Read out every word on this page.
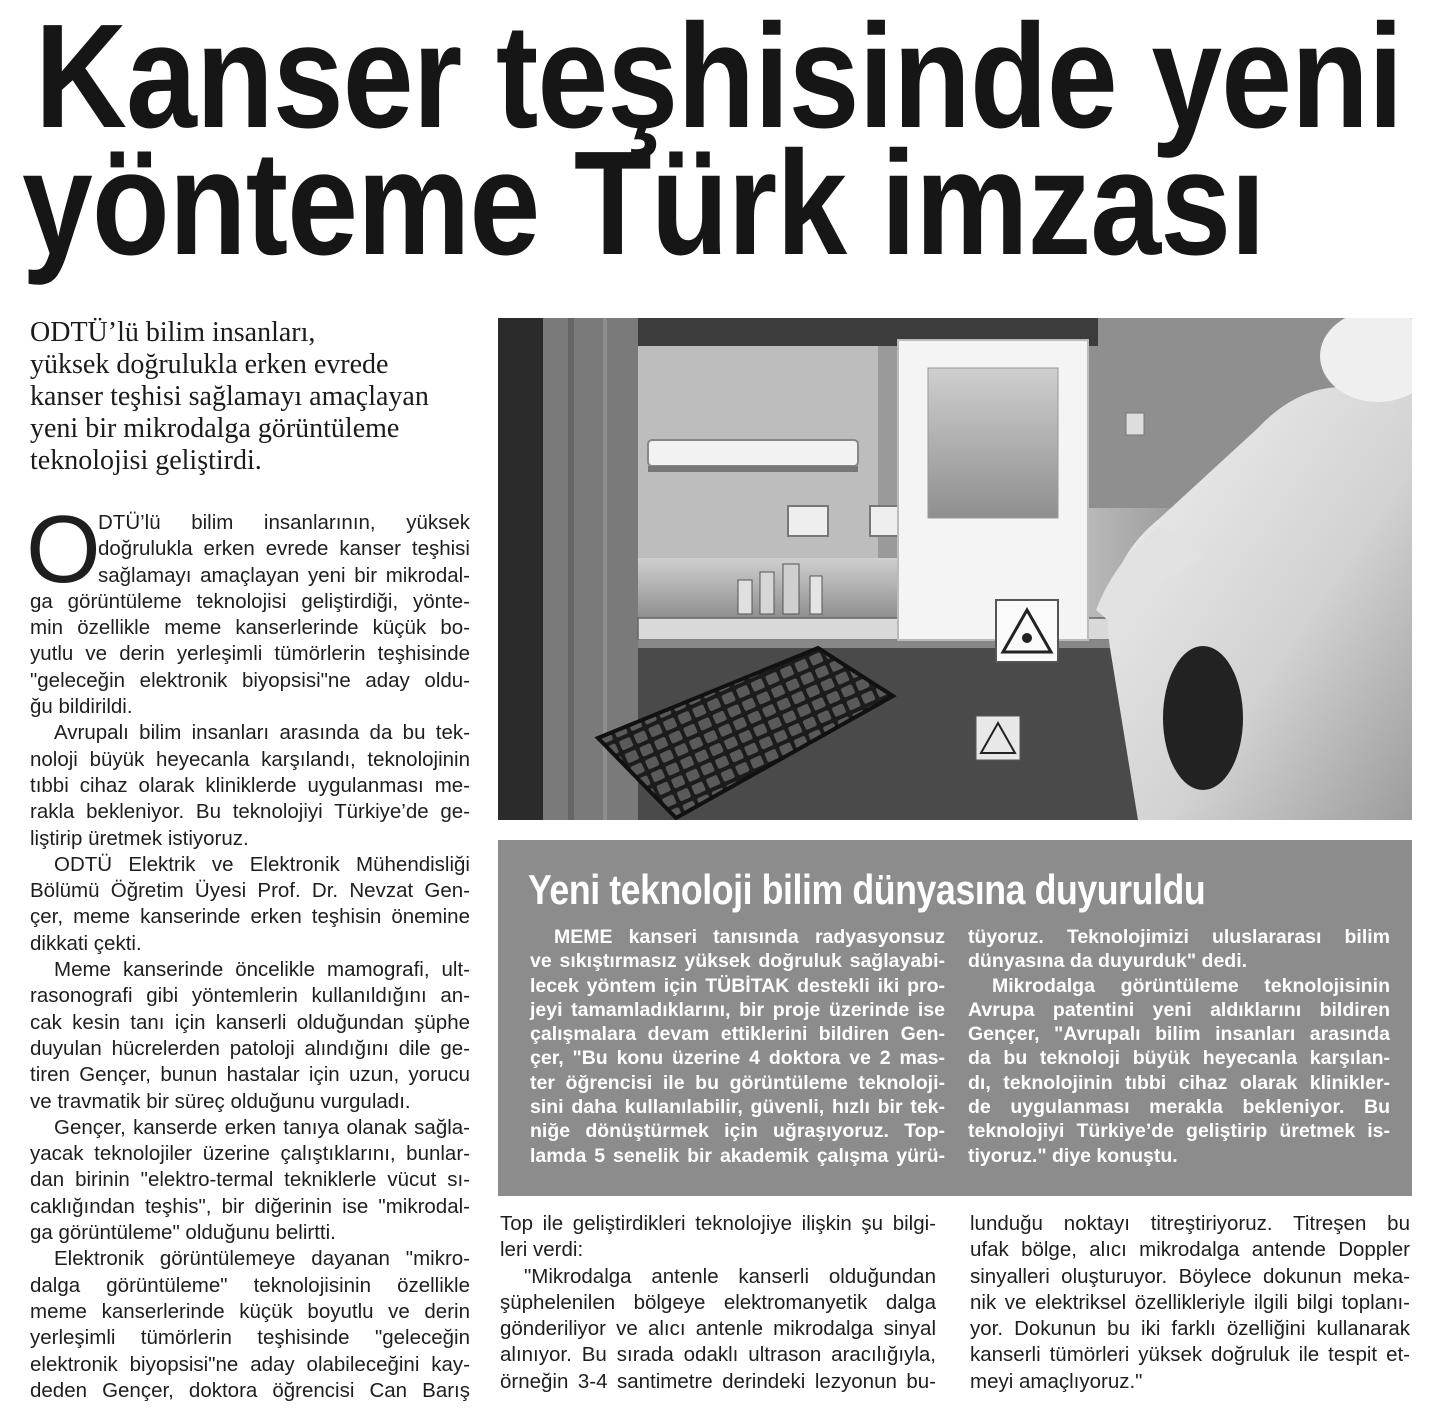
Kanser teşhisinde yeni
yönteme Türk imzası
ODTÜ’lü bilim insanları,
yüksek doğrulukla erken evrede
kanser teşhisi sağlamayı amaçlayan
yeni bir mikrodalga görüntüleme
teknolojisi geliştirdi.
O
DTÜ’lü bilim insanlarının, yüksek
doğrulukla erken evrede kanser teşhisi
sağlamayı amaçlayan yeni bir mikrodal-
ga görüntüleme teknolojisi geliştirdiği, yönte-
min özellikle meme kanserlerinde küçük bo-
yutlu ve derin yerleşimli tümörlerin teşhisinde
"geleceğin elektronik biyopsisi"ne aday oldu-
ğu bildirildi.
Avrupalı bilim insanları arasında da bu tek-
noloji büyük heyecanla karşılandı, teknolojinin
tıbbi cihaz olarak kliniklerde uygulanması me-
rakla bekleniyor. Bu teknolojiyi Türkiye’de ge-
liştirip üretmek istiyoruz.
ODTÜ Elektrik ve Elektronik Mühendisliği
Bölümü Öğretim Üyesi Prof. Dr. Nevzat Gen-
çer, meme kanserinde erken teşhisin önemine
dikkati çekti.
Meme kanserinde öncelikle mamografi, ult-
rasonografi gibi yöntemlerin kullanıldığını an-
cak kesin tanı için kanserli olduğundan şüphe
duyulan hücrelerden patoloji alındığını dile ge-
tiren Gençer, bunun hastalar için uzun, yorucu
ve travmatik bir süreç olduğunu vurguladı.
Gençer, kanserde erken tanıya olanak sağla-
yacak teknolojiler üzerine çalıştıklarını, bunlar-
dan birinin "elektro-termal tekniklerle vücut sı-
caklığından teşhis", bir diğerinin ise "mikrodal-
ga görüntüleme" olduğunu belirtti.
Elektronik görüntülemeye dayanan "mikro-
dalga görüntüleme" teknolojisinin özellikle
meme kanserlerinde küçük boyutlu ve derin
yerleşimli tümörlerin teşhisinde "geleceğin
elektronik biyopsisi"ne aday olabileceğini kay-
deden Gençer, doktora öğrencisi Can Barış
Yeni teknoloji bilim dünyasına duyuruldu
MEME kanseri tanısında radyasyonsuz
ve sıkıştırmasız yüksek doğruluk sağlayabi-
lecek yöntem için TÜBİTAK destekli iki pro-
jeyi tamamladıklarını, bir proje üzerinde ise
çalışmalara devam ettiklerini bildiren Gen-
çer, "Bu konu üzerine 4 doktora ve 2 mas-
ter öğrencisi ile bu görüntüleme teknoloji-
sini daha kullanılabilir, güvenli, hızlı bir tek-
niğe dönüştürmek için uğraşıyoruz. Top-
lamda 5 senelik bir akademik çalışma yürü-
tüyoruz. Teknolojimizi uluslararası bilim
dünyasına da duyurduk" dedi.
Mikrodalga görüntüleme teknolojisinin
Avrupa patentini yeni aldıklarını bildiren
Gençer, "Avrupalı bilim insanları arasında
da bu teknoloji büyük heyecanla karşılan-
dı, teknolojinin tıbbi cihaz olarak klinikler-
de uygulanması merakla bekleniyor. Bu
teknolojiyi Türkiye’de geliştirip üretmek is-
tiyoruz." diye konuştu.
Top ile geliştirdikleri teknolojiye ilişkin şu bilgi-
leri verdi:
"Mikrodalga antenle kanserli olduğundan
şüphelenilen bölgeye elektromanyetik dalga
gönderiliyor ve alıcı antenle mikrodalga sinyal
alınıyor. Bu sırada odaklı ultrason aracılığıyla,
örneğin 3-4 santimetre derindeki lezyonun bu-
lunduğu noktayı titreştiriyoruz. Titreşen bu
ufak bölge, alıcı mikrodalga antende Doppler
sinyalleri oluşturuyor. Böylece dokunun meka-
nik ve elektriksel özellikleriyle ilgili bilgi toplanı-
yor. Dokunun bu iki farklı özelliğini kullanarak
kanserli tümörleri yüksek doğruluk ile tespit et-
meyi amaçlıyoruz."
